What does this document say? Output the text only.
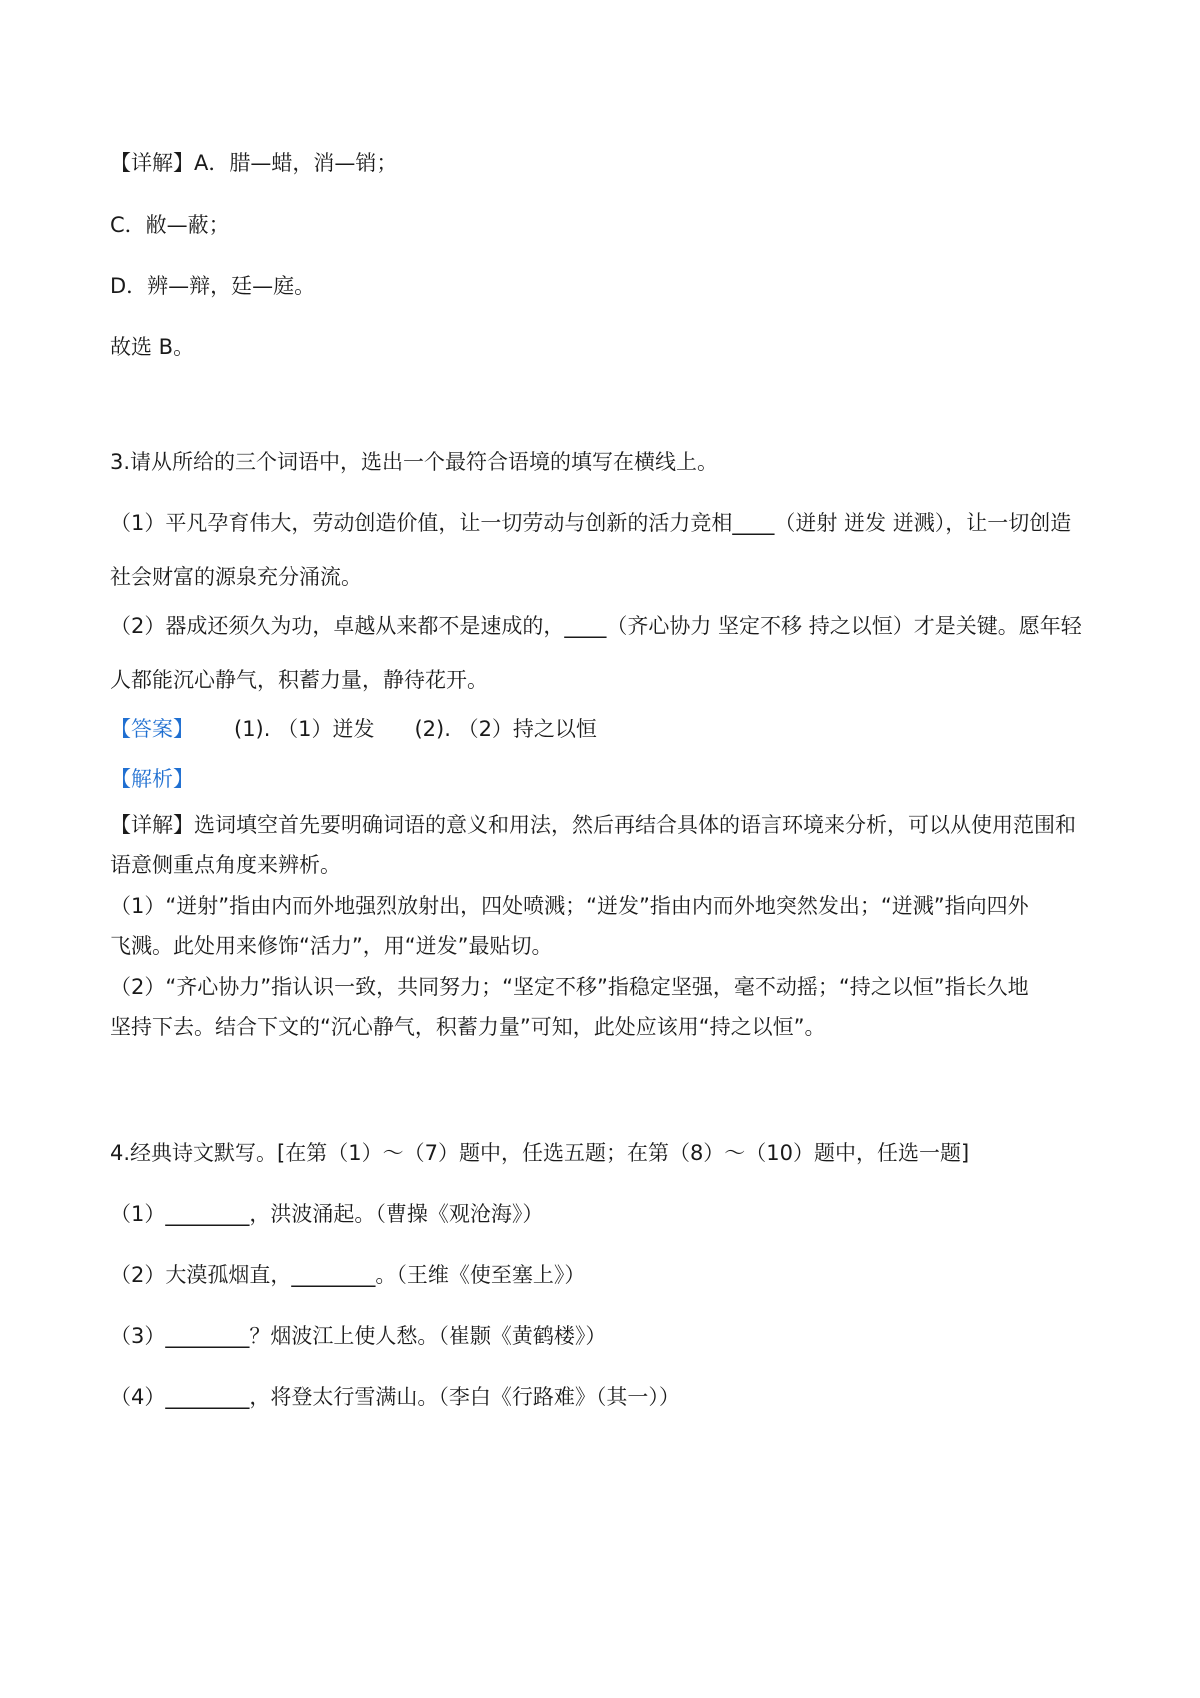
【详解】A．腊—蜡，消—销；
C．敝—蔽；
D．辨—辩，廷—庭。
故选 B。
3.请从所给的三个词语中，选出一个最符合语境的填写在横线上。
（1）平凡孕育伟大，劳动创造价值，让一切劳动与创新的活力竞相____（迸射 迸发 迸溅），让一切创造
社会财富的源泉充分涌流。
（2）器成还须久为功，卓越从来都不是速成的，____（齐心协力 坚定不移 持之以恒）才是关键。愿年轻
人都能沉心静气，积蓄力量，静待花开。
【答案】 (1). （1）迸发 (2). （2）持之以恒
【解析】
【详解】选词填空首先要明确词语的意义和用法，然后再结合具体的语言环境来分析，可以从使用范围和
语意侧重点角度来辨析。
（1）“迸射”指由内而外地强烈放射出，四处喷溅；“迸发”指由内而外地突然发出；“迸溅”指向四外
飞溅。此处用来修饰“活力”，用“迸发”最贴切。
（2）“齐心协力”指认识一致，共同努力；“坚定不移”指稳定坚强，毫不动摇；“持之以恒”指长久地
坚持下去。结合下文的“沉心静气，积蓄力量”可知，此处应该用“持之以恒”。
4.经典诗文默写。[在第（1）～（7）题中，任选五题；在第（8）～（10）题中，任选一题]
（1）________，洪波涌起。（曹操《观沧海》）
（2）大漠孤烟直，________。（王维《使至塞上》）
（3）________？烟波江上使人愁。（崔颢《黄鹤楼》）
（4）________，将登太行雪满山。（李白《行路难》（其一））
